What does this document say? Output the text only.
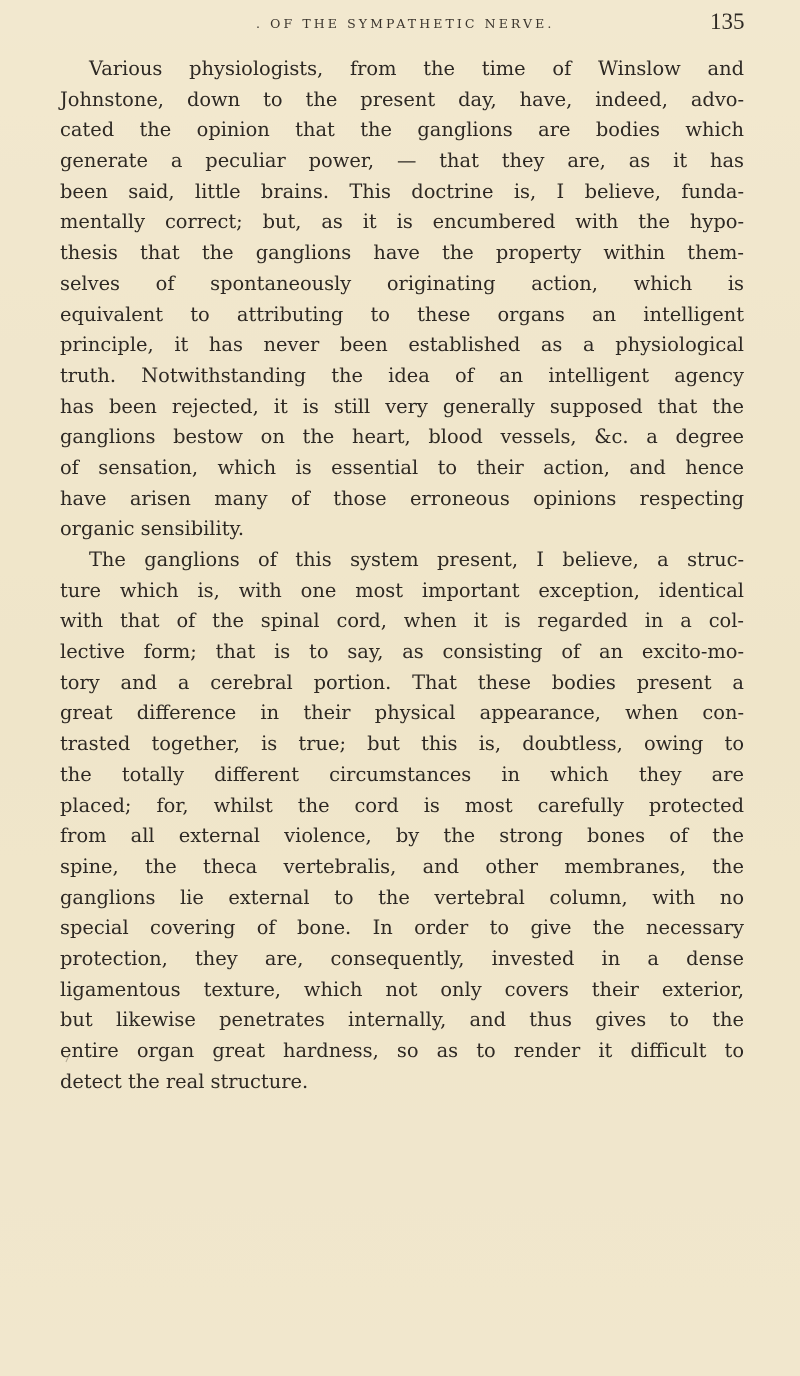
. OF THE SYMPATHETIC NERVE.	135
Various physiologists, from the time of Winslow and
Johnstone, down to the present day, have, indeed, advo-
cated the opinion that the ganglions are bodies which
generate a peculiar power, — that they are, as it has
been said, little brains. This doctrine is, I believe, funda-
mentally correct; but, as it is encumbered with the hypo-
thesis that the ganglions have the property within them-
selves of spontaneously originating action, which is
equivalent to attributing to these organs an intelligent
principle, it has never been established as a physiological
truth. Notwithstanding the idea of an intelligent agency
has been rejected, it is still very generally supposed that the
ganglions bestow on the heart, blood vessels, &c. a degree
of sensation, which is essential to their action, and hence
have arisen many of those erroneous opinions respecting
organic sensibility.
The ganglions of this system present, I believe, a struc-
ture which is, with one most important exception, identical
with that of the spinal cord, when it is regarded in a col-
lective form; that is to say, as consisting of an excito-mo-
tory and a cerebral portion. That these bodies present a
great difference in their physical appearance, when con-
trasted together, is true; but this is, doubtless, owing to
the totally different circumstances in which they are
placed; for, whilst the cord is most carefully protected
from all external violence, by the strong bones of the
spine, the theca vertebralis, and other membranes, the
ganglions lie external to the vertebral column, with no
special covering of bone. In order to give the necessary
protection, they are, consequently, invested in a dense
ligamentous texture, which not only covers their exterior,
but likewise penetrates internally, and thus gives to the
entire organ great hardness, so as to render it difficult to
detect the real structure.
